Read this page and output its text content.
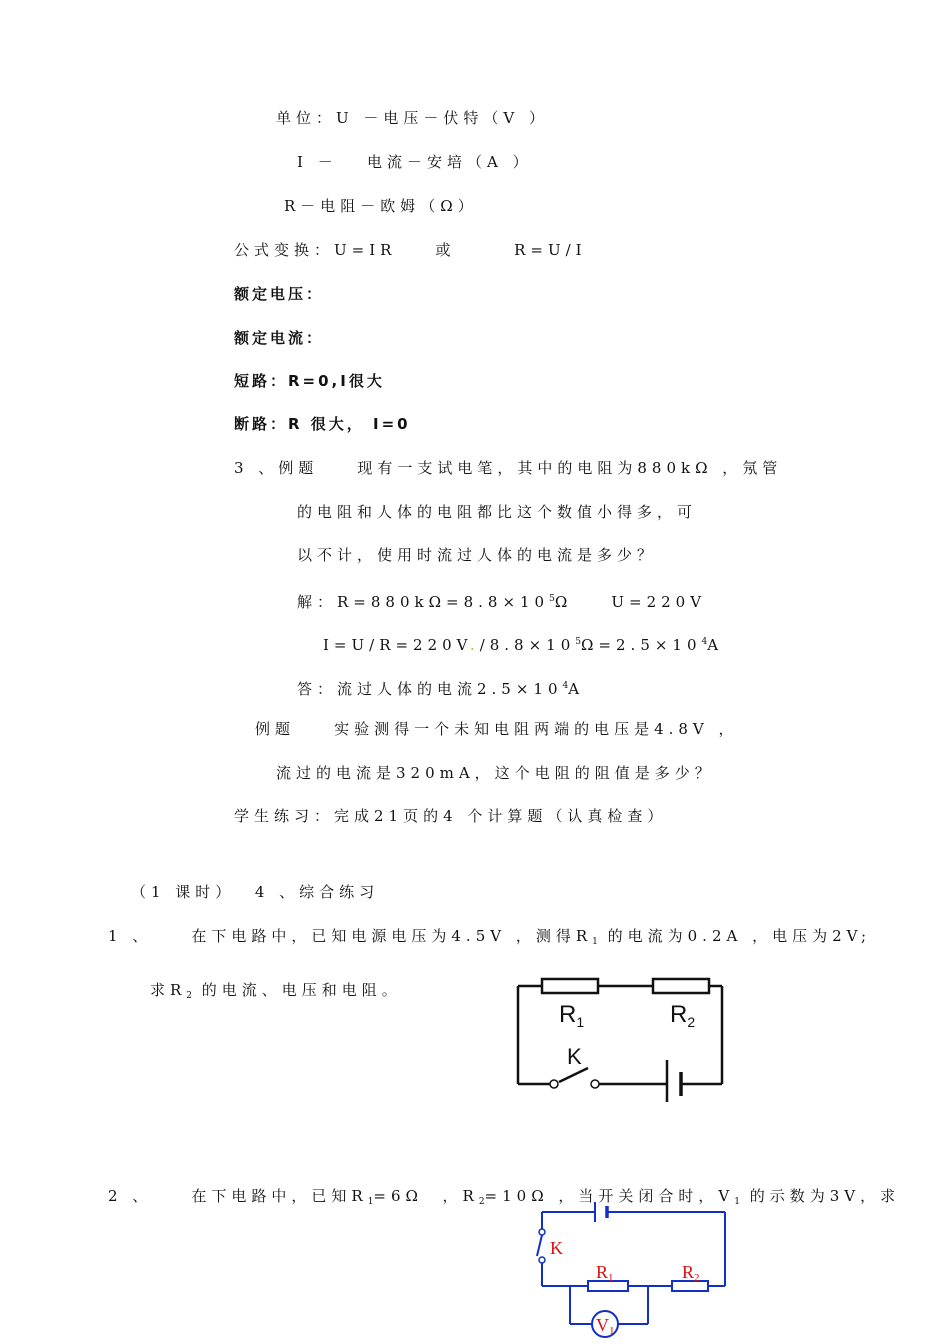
单位：U －电压－伏特（V ）
I －   电流－安培（A ）
R－电阻－欧姆（Ω）
公式变换：U=IR    或      R=U/I
额定电压：
额定电流：
短路：R=0,I很大
断路：R 很大， I=0
3 、例题    现有一支试电笔，其中的电阻为880kΩ ，氖管
的电阻和人体的电阻都比这个数值小得多，可
以不计，使用时流过人体的电流是多少？
解：$R=880k\Omega=8.8\times 10^5\Omega$    U=220V
$I=U/R=220V./8.8\times 10^5\Omega=2.5\times 10^4A$
答：流过人体的电流$2.5\times 10^4A$
例题    实验测得一个未知电阻两端的电压是4.8V ，
流过的电流是320mA，这个电阻的阻值是多少？
学生练习：完成21页的4 个计算题（认真检查）
（1 课时）  4 、综合练习
1 、    在下电路中，已知电源电压为4.5V ，测得$R_1$ 的电流为0.2A ，电压为2V;
求$R_2$ 的电流、电压和电阻。
$R_1$	$R_2$
K
2 、    在下电路中，已知$R_1=6\Omega$  ，$R_2=10\Omega$ ，当开关闭合时，$V_1$ 的示数为3V，求
K
R1	R2
V1
